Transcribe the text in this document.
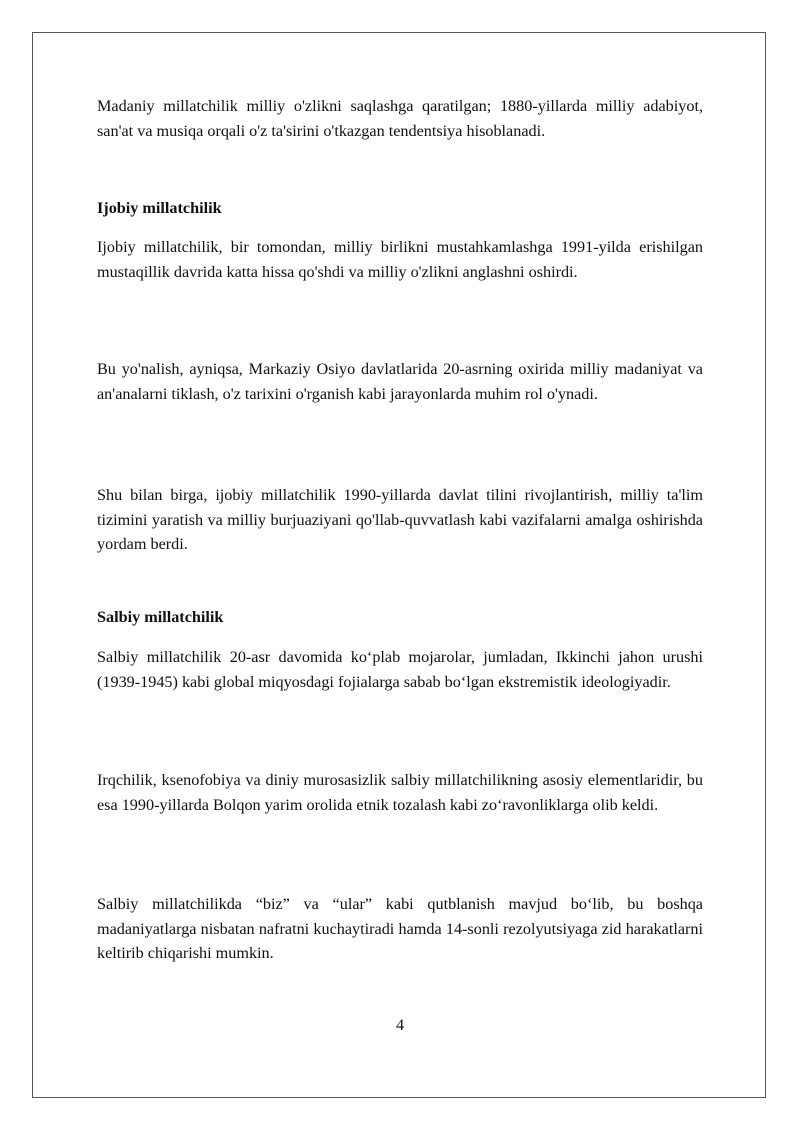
Madaniy millatchilik milliy o'zlikni saqlashga qaratilgan; 1880-yillarda milliy adabiyot, san'at va musiqa orqali o'z ta'sirini o'tkazgan tendentsiya hisoblanadi.

Ijobiy millatchilik

Ijobiy millatchilik, bir tomondan, milliy birlikni mustahkamlashga 1991-yilda erishilgan mustaqillik davrida katta hissa qo'shdi va milliy o'zlikni anglashni oshirdi.

Bu yo'nalish, ayniqsa, Markaziy Osiyo davlatlarida 20-asrning oxirida milliy madaniyat va an'analarni tiklash, o'z tarixini o'rganish kabi jarayonlarda muhim rol o'ynadi.

Shu bilan birga, ijobiy millatchilik 1990-yillarda davlat tilini rivojlantirish, milliy ta'lim tizimini yaratish va milliy burjuaziyani qo'llab-quvvatlash kabi vazifalarni amalga oshirishda yordam berdi.

Salbiy millatchilik

Salbiy millatchilik 20-asr davomida ko‘plab mojarolar, jumladan, Ikkinchi jahon urushi (1939-1945) kabi global miqyosdagi fojialarga sabab bo‘lgan ekstremistik ideologiyadir.

Irqchilik, ksenofobiya va diniy murosasizlik salbiy millatchilikning asosiy elementlaridir, bu esa 1990-yillarda Bolqon yarim orolida etnik tozalash kabi zo‘ravonliklarga olib keldi.

Salbiy millatchilikda “biz” va “ular” kabi qutblanish mavjud bo‘lib, bu boshqa madaniyatlarga nisbatan nafratni kuchaytiradi hamda 14-sonli rezolyutsiyaga zid harakatlarni keltirib chiqarishi mumkin.

4
